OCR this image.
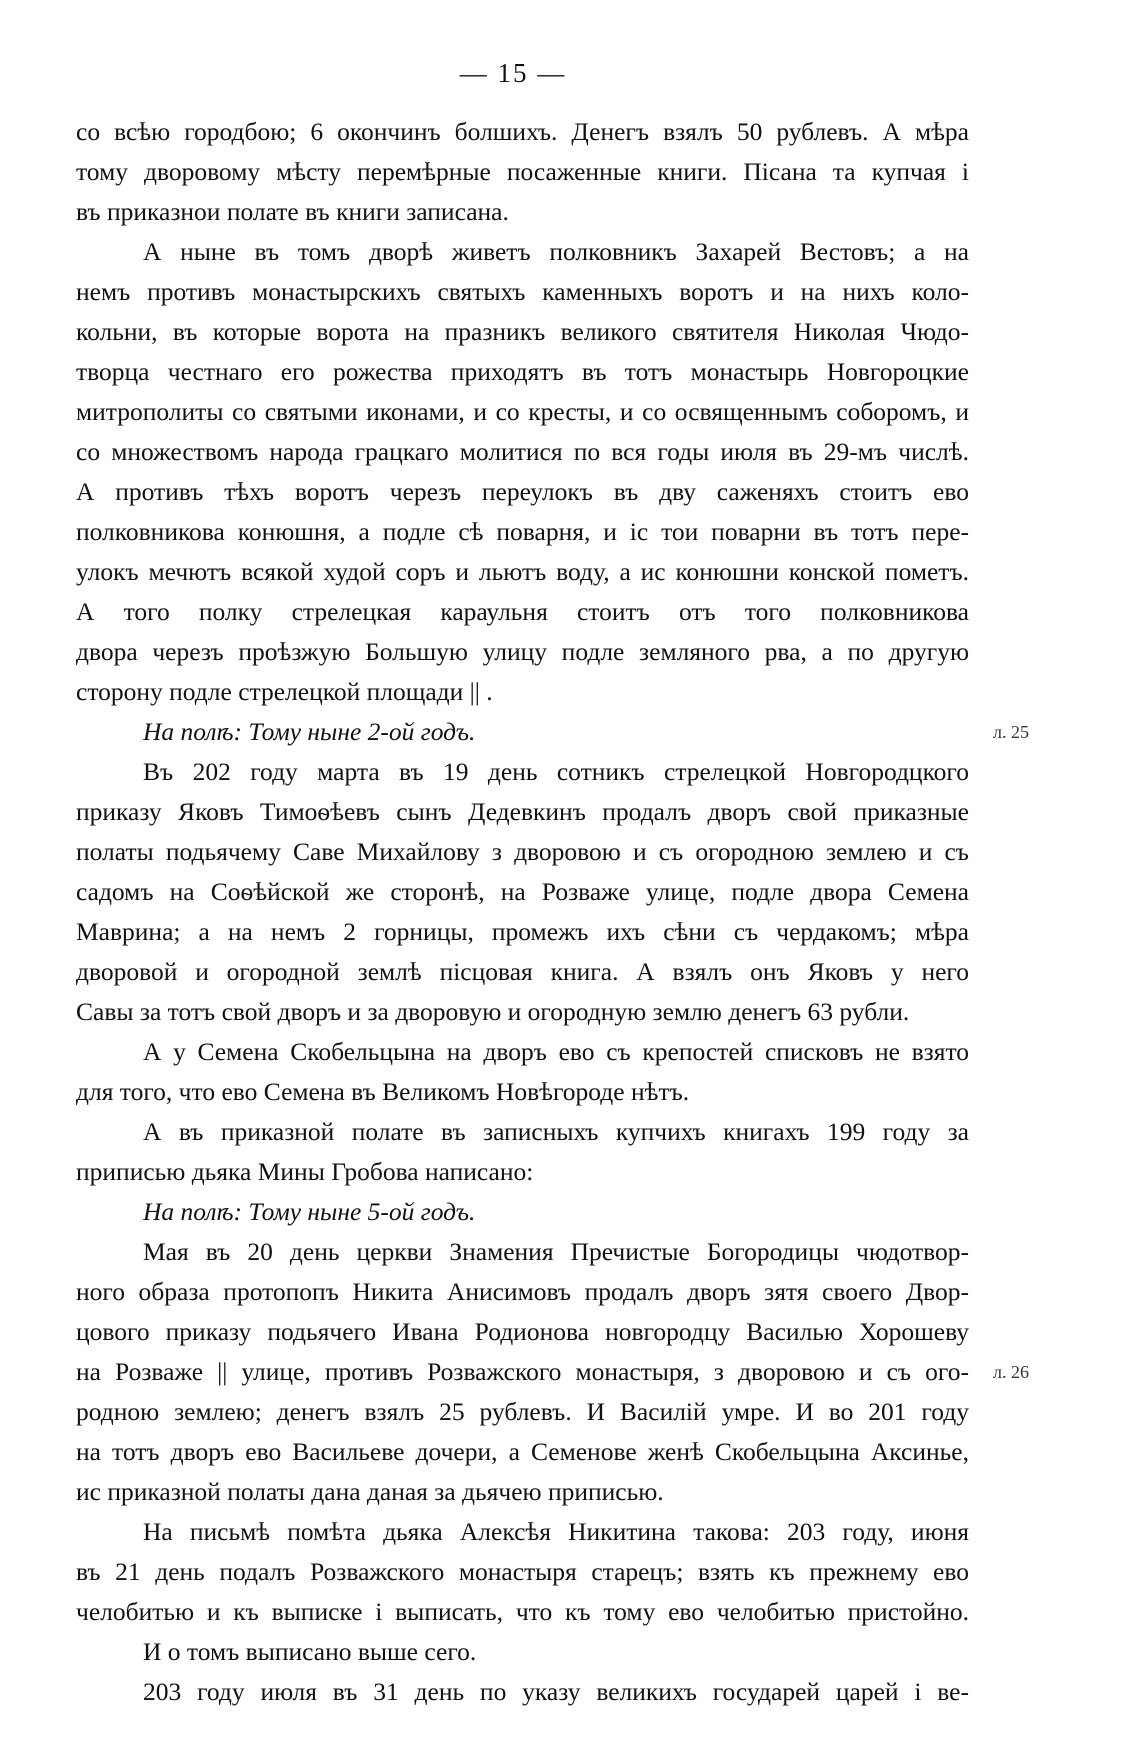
— 15 —
со всѣю городбою; 6 окончинъ болшихъ. Денегъ взялъ 50 рублевъ. А мѣра
тому дворовому мѣсту перемѣрные посаженные книги. Пiсана та купчая i
въ приказнои полате въ книги записана.
А ныне въ томъ дворѣ живетъ полковникъ Захарей Вестовъ; а на
немъ противъ монастырскихъ святыхъ каменныхъ воротъ и на нихъ коло-
кольни, въ которые ворота на празникъ великого святителя Николая Чюдо-
творца честнаго его рожества приходятъ въ тотъ монастырь Новгороцкие
митрополиты со святыми иконами, и со кресты, и со освященнымъ соборомъ, и
со множествомъ народа грацкаго молитися по вся годы июля въ 29-мъ числѣ.
А противъ тѣхъ воротъ черезъ переулокъ въ дву саженяхъ стоитъ ево
полковникова конюшня, а подле сѣ поварня, и iс тои поварни въ тотъ пере-
улокъ мечютъ всякой худой соръ и льютъ воду, а ис конюшни конской пометъ.
А того полку стрелецкая караульня стоитъ отъ того полковникова
двора черезъ проѣзжую Большую улицу подле земляного рва, а по другую
сторону подле стрелецкой площади || .
На полѣ: Тому ныне 2-ой годъ.
Въ 202 году марта въ 19 день сотникъ стрелецкой Новгородцкого
приказу Яковъ Тимоѳѣевъ сынъ Дедевкинъ продалъ дворъ свой приказные
полаты подьячему Саве Михайлову з дворовою и съ огородною землею и съ
садомъ на Соѳѣйской же сторонѣ, на Розваже улице, подле двора Семена
Маврина; а на немъ 2 горницы, промежъ ихъ сѣни съ чердакомъ; мѣра
дворовой и огородной землѣ пiсцовая книга. А взялъ онъ Яковъ у него
Савы за тотъ свой дворъ и за дворовую и огородную землю денегъ 63 рубли.
А у Семена Скобельцына на дворъ ево съ крепостей списковъ не взято
для того, что ево Семена въ Великомъ Новѣгороде нѣтъ.
А въ приказной полате въ записныхъ купчихъ книгахъ 199 году за
приписью дьяка Мины Гробова написано:
На полѣ: Тому ныне 5-ой годъ.
Мая въ 20 день церкви Знамения Пречистые Богородицы чюдотвор-
ного образа протопопъ Никита Анисимовъ продалъ дворъ зятя своего Двор-
цового приказу подьячего Ивана Родионова новгородцу Василью Хорошеву
на Розваже || улице, противъ Розважского монастыря, з дворовою и съ ого-
родною землею; денегъ взялъ 25 рублевъ. И Василiй умре. И во 201 году
на тотъ дворъ ево Васильеве дочери, а Семенове женѣ Скобельцына Аксинье,
ис приказной полаты дана даная за дьячею приписью.
На письмѣ помѣта дьяка Алексѣя Никитина такова: 203 году, июня
въ 21 день подалъ Розважского монастыря старецъ; взять къ прежнему ево
челобитью и къ выписке i выписать, что къ тому ево челобитью пристойно.
И о томъ выписано выше сего.
203 году июля въ 31 день по указу великихъ государей царей i ве-
л. 25
л. 26
